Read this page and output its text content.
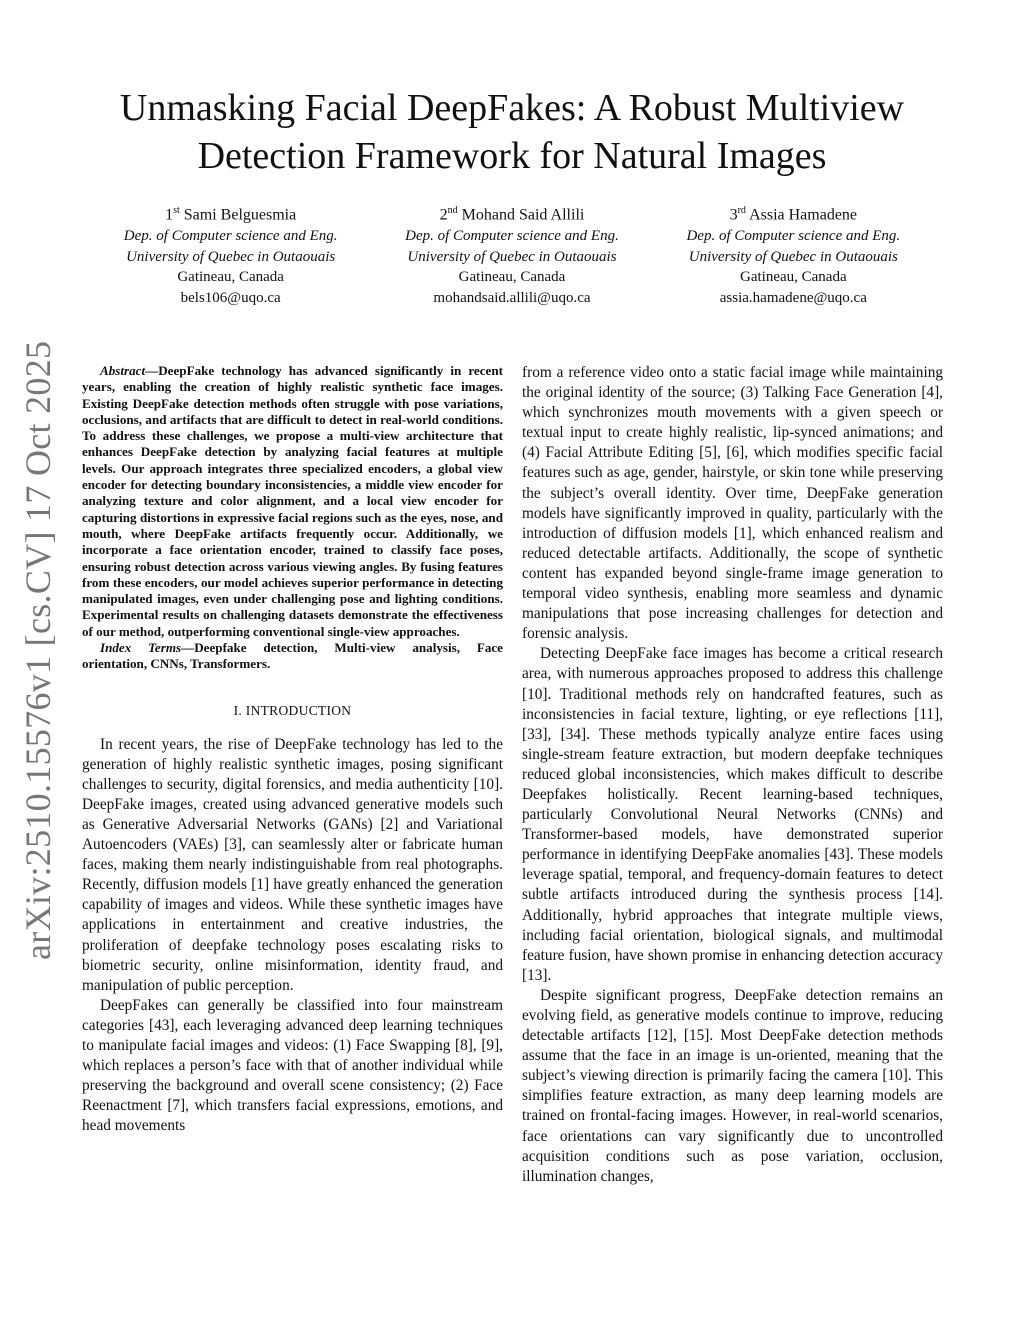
arXiv:2510.15576v1 [cs.CV] 17 Oct 2025
Unmasking Facial DeepFakes: A Robust Multiview
Detection Framework for Natural Images
1st Sami Belguesmia
Dep. of Computer science and Eng.
University of Quebec in Outaouais
Gatineau, Canada
bels106@uqo.ca
2nd Mohand Said Allili
Dep. of Computer science and Eng.
University of Quebec in Outaouais
Gatineau, Canada
mohandsaid.allili@uqo.ca
3rd Assia Hamadene
Dep. of Computer science and Eng.
University of Quebec in Outaouais
Gatineau, Canada
assia.hamadene@uqo.ca

Abstract—DeepFake technology has advanced significantly in recent years, enabling the creation of highly realistic synthetic face images. Existing DeepFake detection methods often struggle with pose variations, occlusions, and artifacts that are difficult to detect in real-world conditions. To address these challenges, we propose a multi-view architecture that enhances DeepFake detection by analyzing facial features at multiple levels. Our approach integrates three specialized encoders, a global view encoder for detecting boundary inconsistencies, a middle view encoder for analyzing texture and color alignment, and a local view encoder for capturing distortions in expressive facial regions such as the eyes, nose, and mouth, where DeepFake artifacts frequently occur. Additionally, we incorporate a face orientation encoder, trained to classify face poses, ensuring robust detection across various viewing angles. By fusing features from these encoders, our model achieves superior performance in detecting manipulated images, even under challenging pose and lighting conditions. Experimental results on challenging datasets demonstrate the effectiveness of our method, outperforming conventional single-view approaches.

Index Terms—Deepfake detection, Multi-view analysis, Face orientation, CNNs, Transformers.

I. INTRODUCTION

In recent years, the rise of DeepFake technology has led to the generation of highly realistic synthetic images, posing significant challenges to security, digital forensics, and media authenticity [10]. DeepFake images, created using advanced generative models such as Generative Adversarial Networks (GANs) [2] and Variational Autoencoders (VAEs) [3], can seamlessly alter or fabricate human faces, making them nearly indistinguishable from real photographs. Recently, diffusion models [1] have greatly enhanced the generation capability of images and videos. While these synthetic images have applications in entertainment and creative industries, the proliferation of deepfake technology poses escalating risks to biometric security, online misinformation, identity fraud, and manipulation of public perception.

DeepFakes can generally be classified into four mainstream categories [43], each leveraging advanced deep learning techniques to manipulate facial images and videos: (1) Face Swapping [8], [9], which replaces a person’s face with that of another individual while preserving the background and overall scene consistency; (2) Face Reenactment [7], which transfers facial expressions, emotions, and head movements

from a reference video onto a static facial image while maintaining the original identity of the source; (3) Talking Face Generation [4], which synchronizes mouth movements with a given speech or textual input to create highly realistic, lip-synced animations; and (4) Facial Attribute Editing [5], [6], which modifies specific facial features such as age, gender, hairstyle, or skin tone while preserving the subject’s overall identity. Over time, DeepFake generation models have significantly improved in quality, particularly with the introduction of diffusion models [1], which enhanced realism and reduced detectable artifacts. Additionally, the scope of synthetic content has expanded beyond single-frame image generation to temporal video synthesis, enabling more seamless and dynamic manipulations that pose increasing challenges for detection and forensic analysis.

Detecting DeepFake face images has become a critical research area, with numerous approaches proposed to address this challenge [10]. Traditional methods rely on handcrafted features, such as inconsistencies in facial texture, lighting, or eye reflections [11], [33], [34]. These methods typically analyze entire faces using single-stream feature extraction, but modern deepfake techniques reduced global inconsistencies, which makes difficult to describe Deepfakes holistically. Recent learning-based techniques, particularly Convolutional Neural Networks (CNNs) and Transformer-based models, have demonstrated superior performance in identifying DeepFake anomalies [43]. These models leverage spatial, temporal, and frequency-domain features to detect subtle artifacts introduced during the synthesis process [14]. Additionally, hybrid approaches that integrate multiple views, including facial orientation, biological signals, and multimodal feature fusion, have shown promise in enhancing detection accuracy [13].

Despite significant progress, DeepFake detection remains an evolving field, as generative models continue to improve, reducing detectable artifacts [12], [15]. Most DeepFake detection methods assume that the face in an image is un-oriented, meaning that the subject’s viewing direction is primarily facing the camera [10]. This simplifies feature extraction, as many deep learning models are trained on frontal-facing images. However, in real-world scenarios, face orientations can vary significantly due to uncontrolled acquisition conditions such as pose variation, occlusion, illumination changes,
